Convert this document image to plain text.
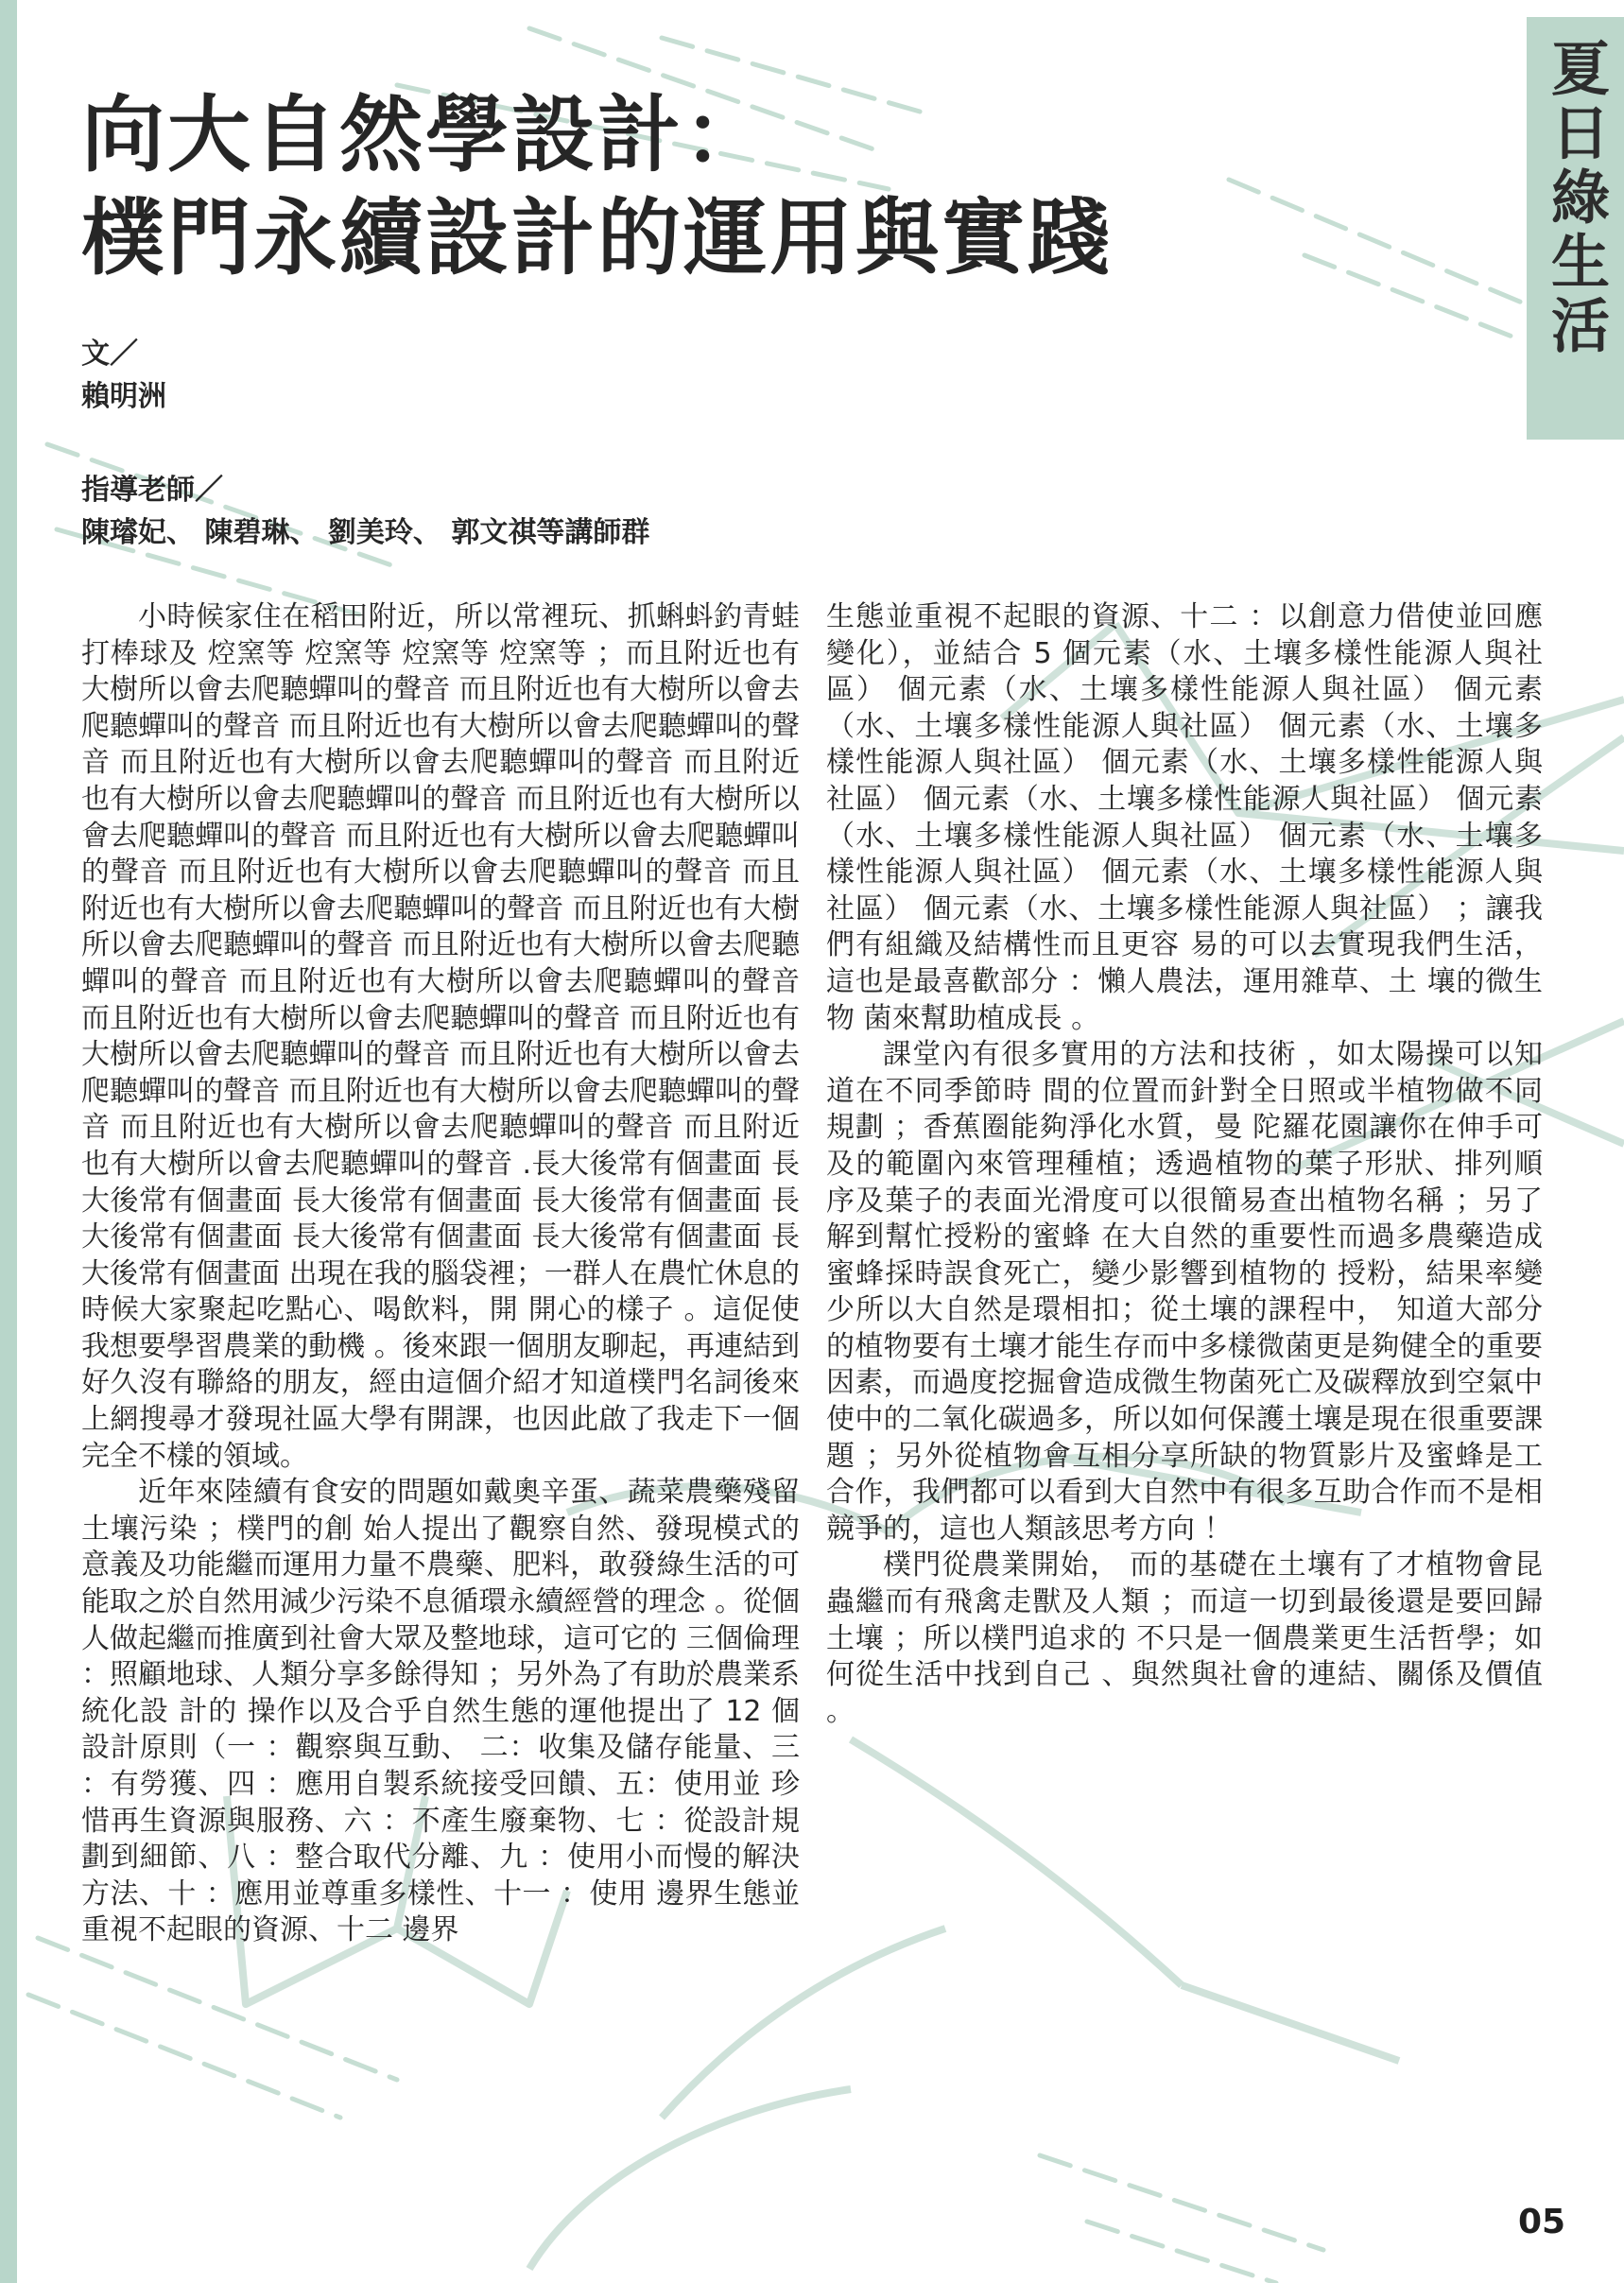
夏日綠生活
向大自然學設計：
樸門永續設計的運用與實踐
文／
賴明洲
指導老師／
陳璿妃、 陳碧琳、 劉美玲、 郭文祺等講師群

小時候家住在稻田附近，所以常裡玩、抓蝌蚪釣青蛙打棒球及 焢窯等 焢窯等 焢窯等 焢窯等 ；而且附近也有大樹所以會去爬聽蟬叫的聲音 而且附近也有大樹所以會去爬聽蟬叫的聲音 而且附近也有大樹所以會去爬聽蟬叫的聲音 而且附近也有大樹所以會去爬聽蟬叫的聲音 而且附近也有大樹所以會去爬聽蟬叫的聲音 而且附近也有大樹所以會去爬聽蟬叫的聲音 而且附近也有大樹所以會去爬聽蟬叫的聲音 而且附近也有大樹所以會去爬聽蟬叫的聲音 而且附近也有大樹所以會去爬聽蟬叫的聲音 而且附近也有大樹所以會去爬聽蟬叫的聲音 而且附近也有大樹所以會去爬聽蟬叫的聲音 而且附近也有大樹所以會去爬聽蟬叫的聲音 而且附近也有大樹所以會去爬聽蟬叫的聲音 而且附近也有大樹所以會去爬聽蟬叫的聲音 而且附近也有大樹所以會去爬聽蟬叫的聲音 而且附近也有大樹所以會去爬聽蟬叫的聲音 而且附近也有大樹所以會去爬聽蟬叫的聲音 而且附近也有大樹所以會去爬聽蟬叫的聲音 .長大後常有個畫面 長大後常有個畫面 長大後常有個畫面 長大後常有個畫面 長大後常有個畫面 長大後常有個畫面 長大後常有個畫面 長大後常有個畫面 出現在我的腦袋裡；一群人在農忙休息的時候大家聚起吃點心、喝飲料，開 開心的樣子 。這促使我想要學習農業的動機 。後來跟一個朋友聊起，再連結到 好久沒有聯絡的朋友，經由這個介紹才知道樸門名詞後來上網搜尋才發現社區大學有開課，也因此啟了我走下一個完全不樣的領域。

近年來陸續有食安的問題如戴奧辛蛋、蔬菜農藥殘留土壤污染 ；樸門的創 始人提出了觀察自然、發現模式的意義及功能繼而運用力量不農藥、肥料，敢發綠生活的可能取之於自然用減少污染不息循環永續經營的理念 。從個人做起繼而推廣到社會大眾及整地球，這可它的 三個倫理 ：照顧地球、人類分享多餘得知 ；另外為了有助於農業系統化設 計的 操作以及合乎自然生態的運他提出了 12 個設計原則（一 ：觀察與互動、 二：收集及儲存能量、三 ：有勞獲、四 ：應用自製系統接受回饋、五：使用並 珍惜再生資源與服務、六 ：不產生廢棄物、七 ：從設計規劃到細節、八 ：整合取代分離、九 ：使用小而慢的解決方法、十 ：應用並尊重多樣性、十一 ：使用 邊界生態並重視不起眼的資源、十二 邊界

生態並重視不起眼的資源、十二 ：以創意力借使並回應變化），並結合 5 個元素（水、土壤多樣性能源人與社區） 個元素（水、土壤多樣性能源人與社區） 個元素（水、土壤多樣性能源人與社區） 個元素（水、土壤多樣性能源人與社區） 個元素（水、土壤多樣性能源人與社區） 個元素（水、土壤多樣性能源人與社區） 個元素（水、土壤多樣性能源人與社區） 個元素（水、土壤多樣性能源人與社區） 個元素（水、土壤多樣性能源人與社區） 個元素（水、土壤多樣性能源人與社區） ；讓我們有組織及結構性而且更容 易的可以去實現我們生活，這也是最喜歡部分 ：懶人農法，運用雜草、土 壤的微生物 菌來幫助植成長 。

課堂內有很多實用的方法和技術 ，如太陽操可以知道在不同季節時 間的位置而針對全日照或半植物做不同規劃 ；香蕉圈能夠淨化水質，曼 陀羅花園讓你在伸手可及的範圍內來管理種植；透過植物的葉子形狀、排列順 序及葉子的表面光滑度可以很簡易查出植物名稱 ；另了解到幫忙授粉的蜜蜂 在大自然的重要性而過多農藥造成蜜蜂採時誤食死亡，變少影響到植物的 授粉，結果率變少所以大自然是環相扣；從土壤的課程中， 知道大部分的植物要有土壤才能生存而中多樣微菌更是夠健全的重要因素，而過度挖掘會造成微生物菌死亡及碳釋放到空氣中使中的二氧化碳過多，所以如何保護土壤是現在很重要課題 ；另外從植物會互相分享所缺的物質影片及蜜蜂是工合作，我們都可以看到大自然中有很多互助合作而不是相競爭的，這也人類該思考方向 ！

樸門從農業開始， 而的基礎在土壤有了才植物會昆蟲繼而有飛禽走獸及人類 ；而這一切到最後還是要回歸土壤 ；所以樸門追求的 不只是一個農業更生活哲學；如何從生活中找到自己 、與然與社會的連結、關係及價值 。

05
